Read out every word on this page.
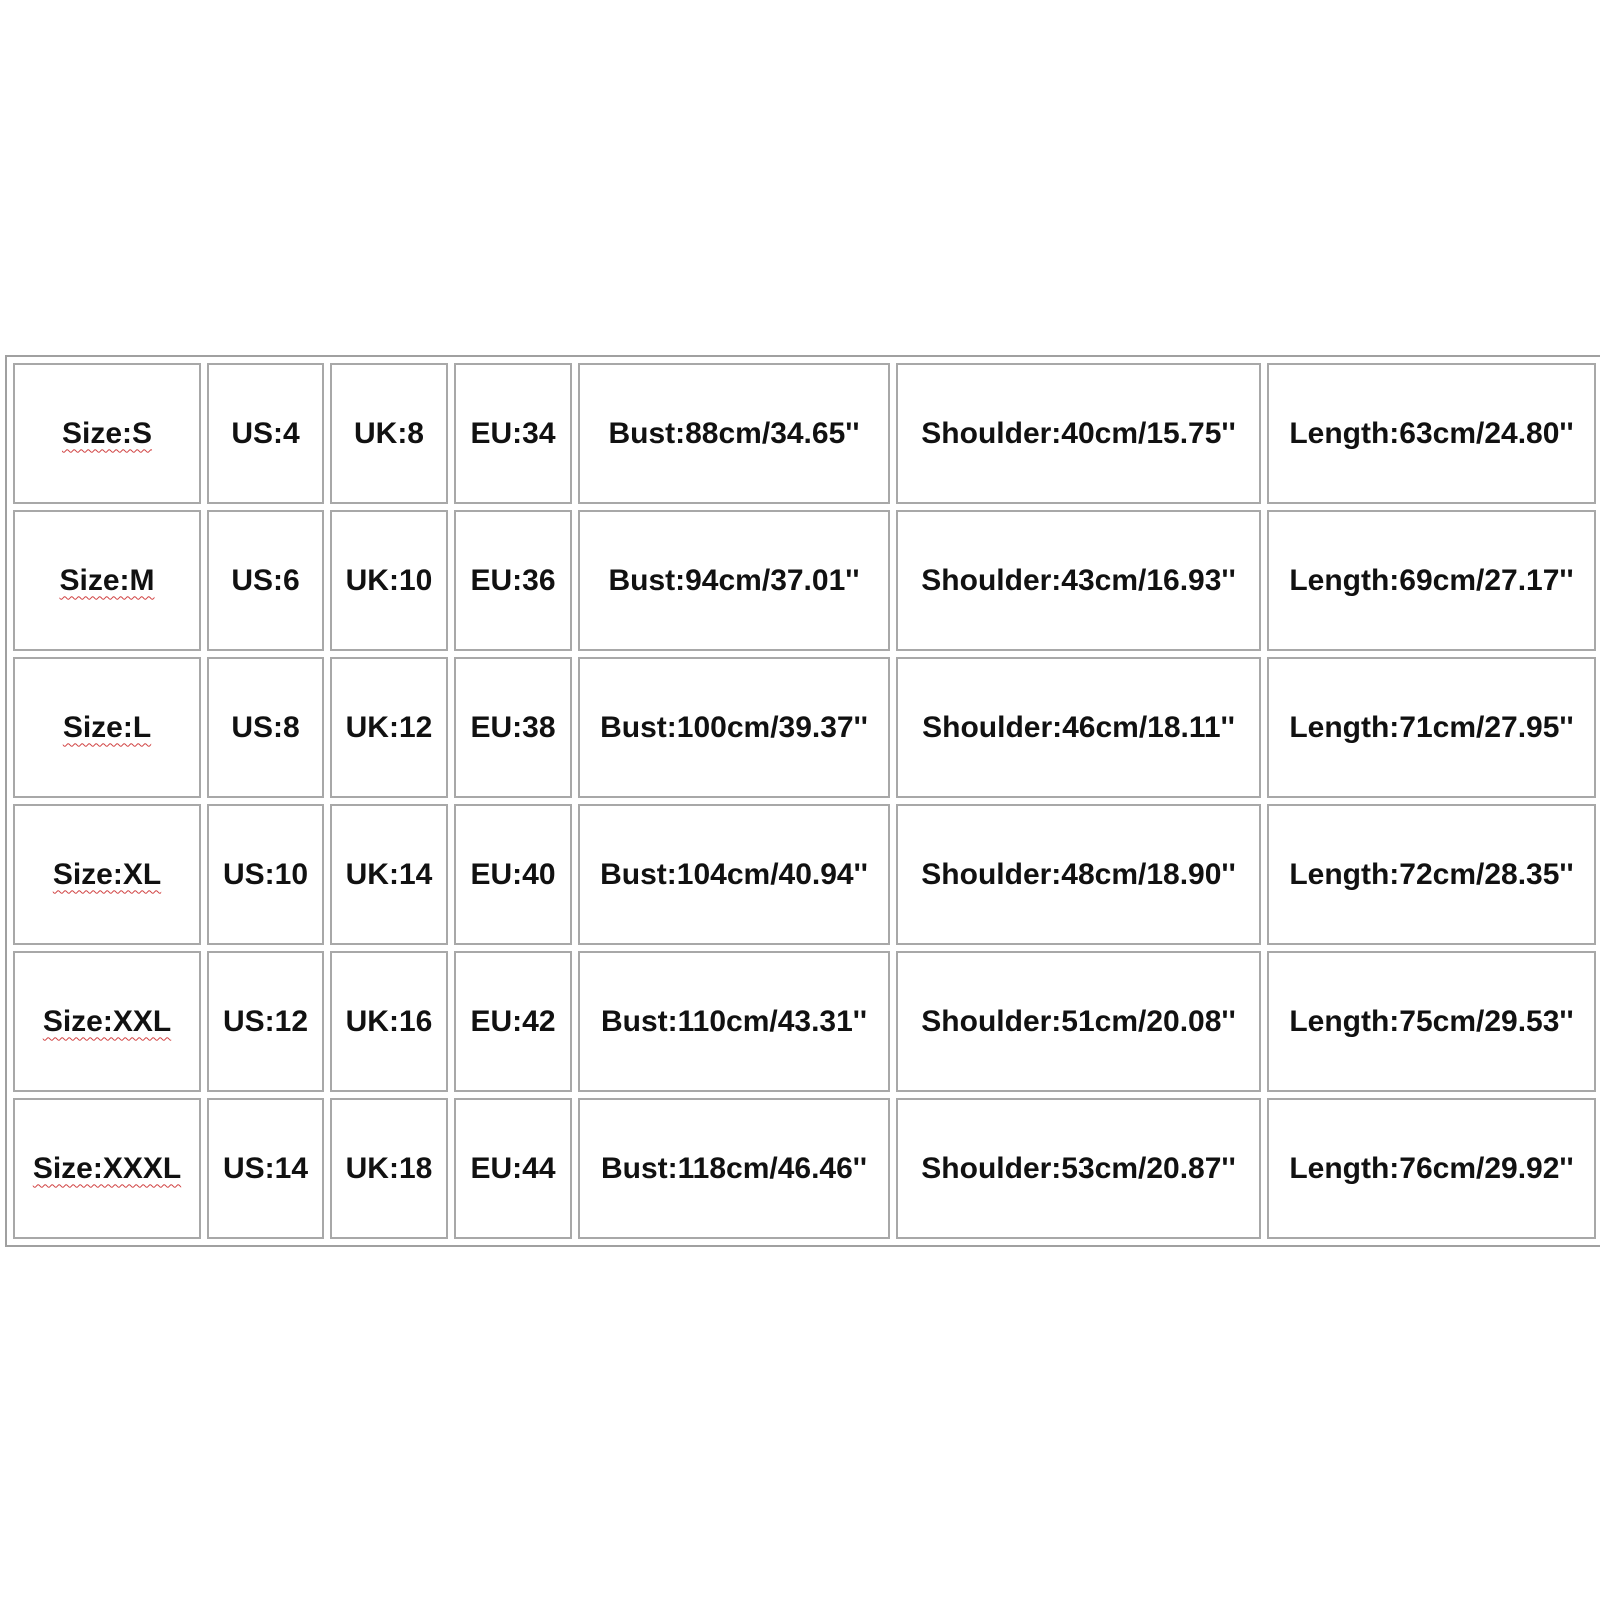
Size:S	US:4	UK:8	EU:34	Bust:88cm/34.65''	Shoulder:40cm/15.75''	Length:63cm/24.80''
Size:M	US:6	UK:10	EU:36	Bust:94cm/37.01''	Shoulder:43cm/16.93''	Length:69cm/27.17''
Size:L	US:8	UK:12	EU:38	Bust:100cm/39.37''	Shoulder:46cm/18.11''	Length:71cm/27.95''
Size:XL	US:10	UK:14	EU:40	Bust:104cm/40.94''	Shoulder:48cm/18.90''	Length:72cm/28.35''
Size:XXL	US:12	UK:16	EU:42	Bust:110cm/43.31''	Shoulder:51cm/20.08''	Length:75cm/29.53''
Size:XXXL	US:14	UK:18	EU:44	Bust:118cm/46.46''	Shoulder:53cm/20.87''	Length:76cm/29.92''
